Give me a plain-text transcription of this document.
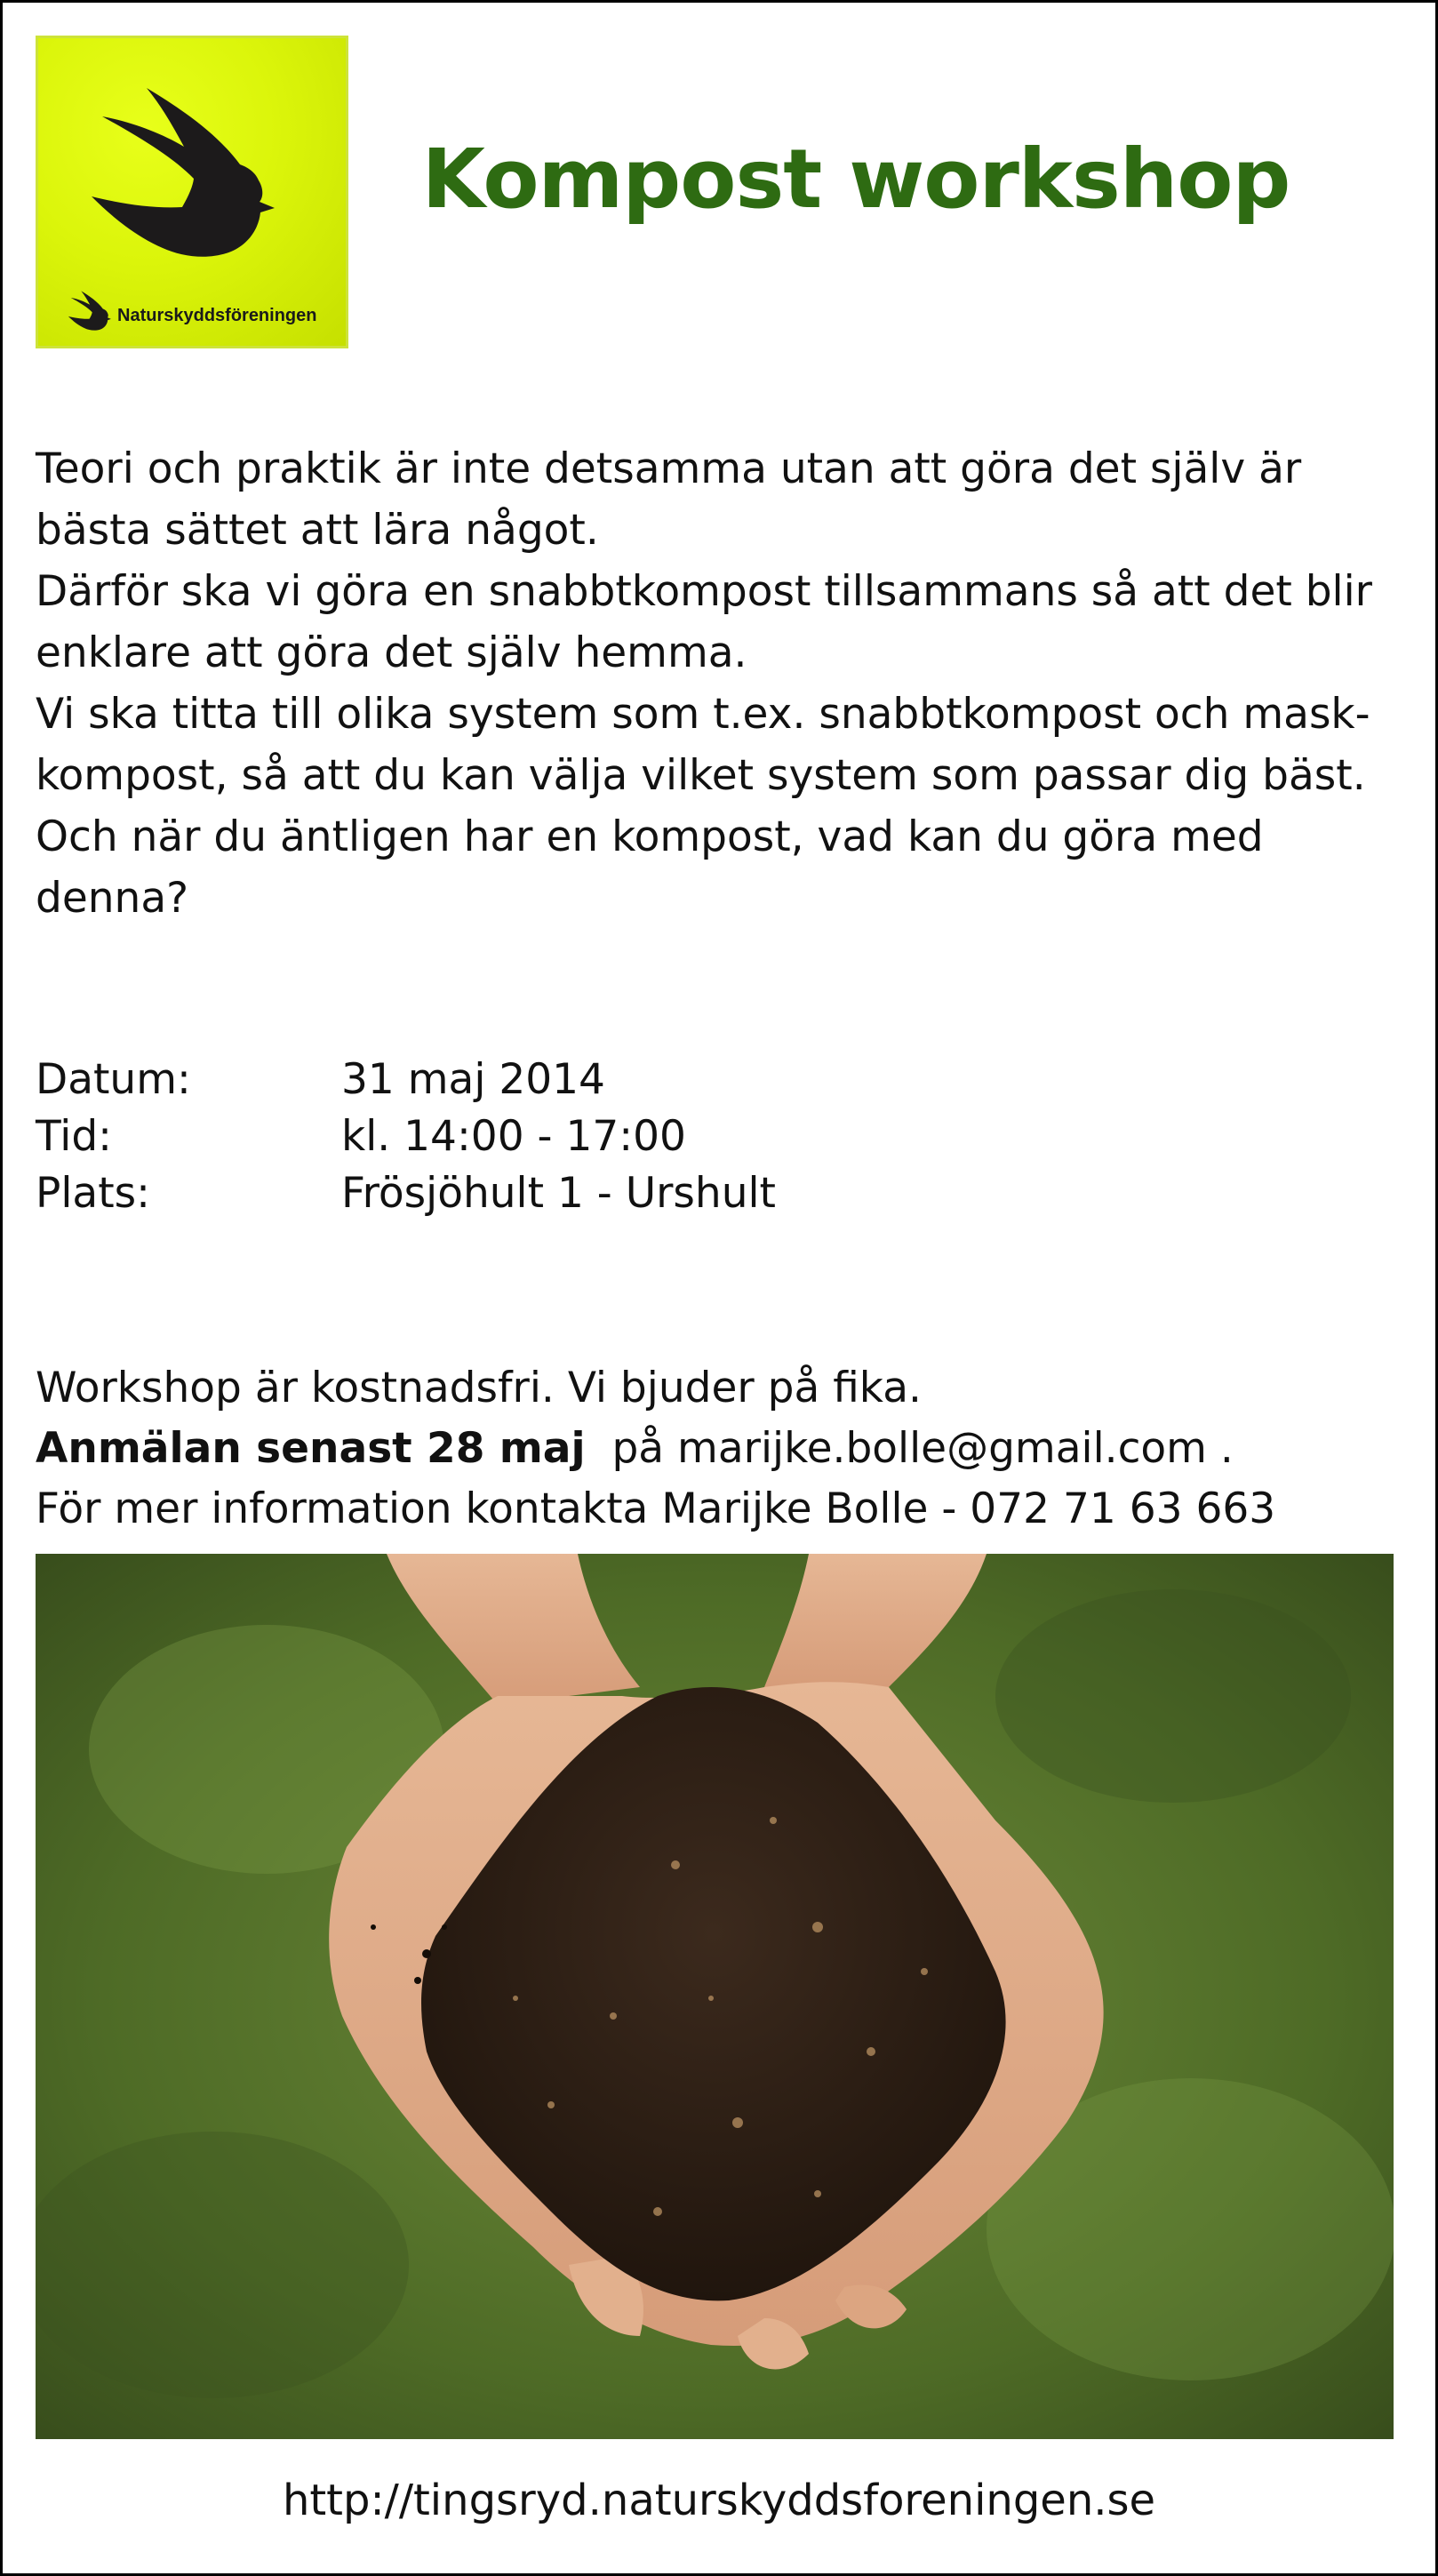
Naturskyddsföreningen
Kompost workshop

Teori och praktik är inte detsamma utan att göra det själv är bästa sättet att lära något.

Därför ska vi göra en snabbtkompost tillsammans så att det blir enklare att göra det själv hemma.

Vi ska titta till olika system som t.ex. snabbtkompost och mask-kompost, så att du kan välja vilket system som passar dig bäst.

Och när du äntligen har en kompost, vad kan du göra med denna?

Datum:	31 maj 2014
Tid:	kl. 14:00 - 17:00
Plats:	Frösjöhult 1 - Urshult

Workshop är kostnadsfri. Vi bjuder på fika.

Anmälan senast 28 maj på marijke.bolle@gmail.com .

För mer information kontakta Marijke Bolle - 072 71 63 663

http://tingsryd.naturskyddsforeningen.se
